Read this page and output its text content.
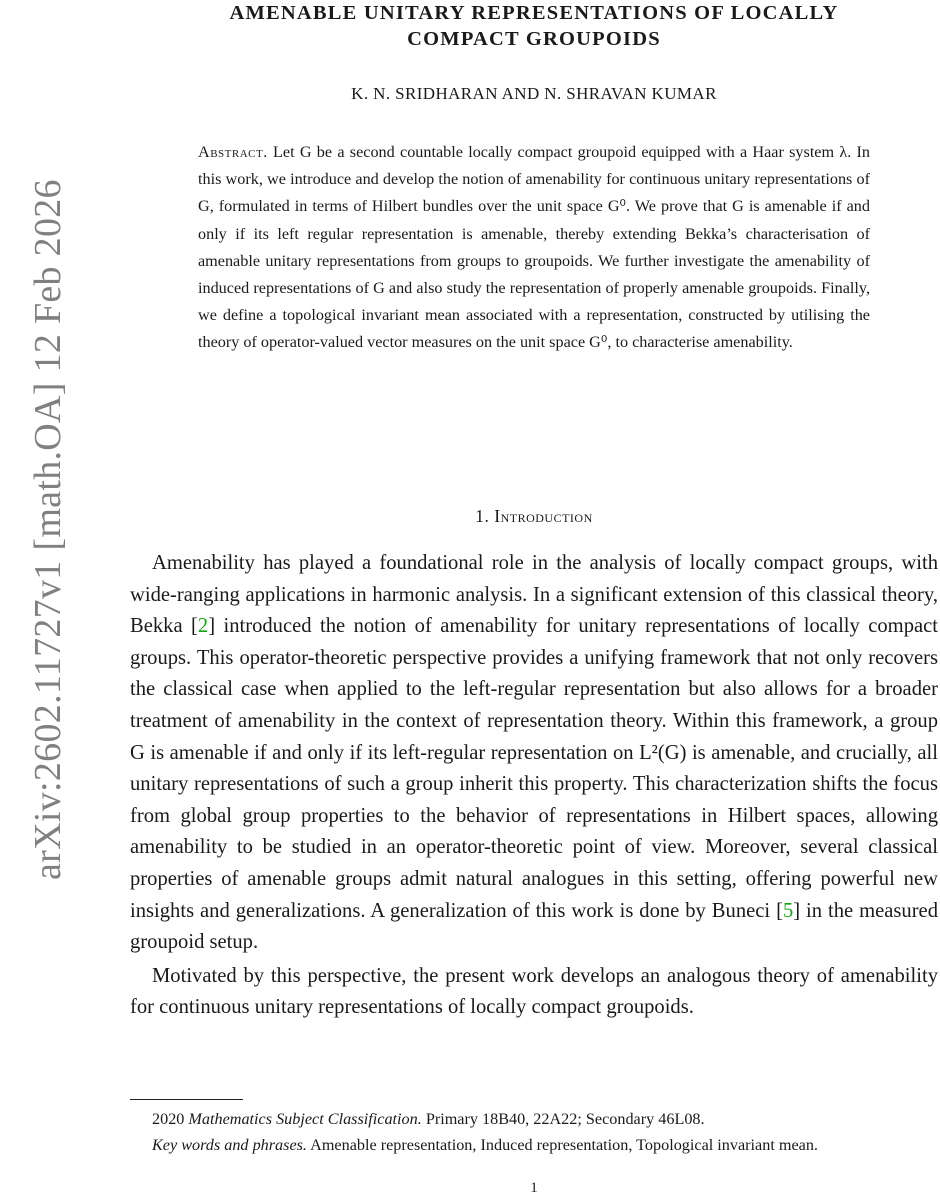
arXiv:2602.11727v1 [math.OA] 12 Feb 2026
AMENABLE UNITARY REPRESENTATIONS OF LOCALLY
COMPACT GROUPOIDS
K. N. SRIDHARAN AND N. SHRAVAN KUMAR
Abstract. Let G be a second countable locally compact groupoid equipped with a Haar system λ. In this work, we introduce and develop the notion of amenability for continuous unitary representations of G, formulated in terms of Hilbert bundles over the unit space G⁰. We prove that G is amenable if and only if its left regular representation is amenable, thereby extending Bekka’s characterisation of amenable unitary representations from groups to groupoids. We further investigate the amenability of induced representations of G and also study the representation of properly amenable groupoids. Finally, we define a topological invariant mean associated with a representation, constructed by utilising the theory of operator-valued vector measures on the unit space G⁰, to characterise amenability.
1. Introduction

Amenability has played a foundational role in the analysis of locally compact groups, with wide-ranging applications in harmonic analysis. In a significant extension of this classical theory, Bekka [2] introduced the notion of amenability for unitary representations of locally compact groups. This operator-theoretic perspective provides a unifying framework that not only recovers the classical case when applied to the left-regular representation but also allows for a broader treatment of amenability in the context of representation theory. Within this framework, a group G is amenable if and only if its left-regular representation on L²(G) is amenable, and crucially, all unitary representations of such a group inherit this property. This characterization shifts the focus from global group properties to the behavior of representations in Hilbert spaces, allowing amenability to be studied in an operator-theoretic point of view. Moreover, several classical properties of amenable groups admit natural analogues in this setting, offering powerful new insights and generalizations. A generalization of this work is done by Buneci [5] in the measured groupoid setup.

Motivated by this perspective, the present work develops an analogous theory of amenability for continuous unitary representations of locally compact groupoids.

2020 Mathematics Subject Classification. Primary 18B40, 22A22; Secondary 46L08.

Key words and phrases. Amenable representation, Induced representation, Topological invariant mean.

1
